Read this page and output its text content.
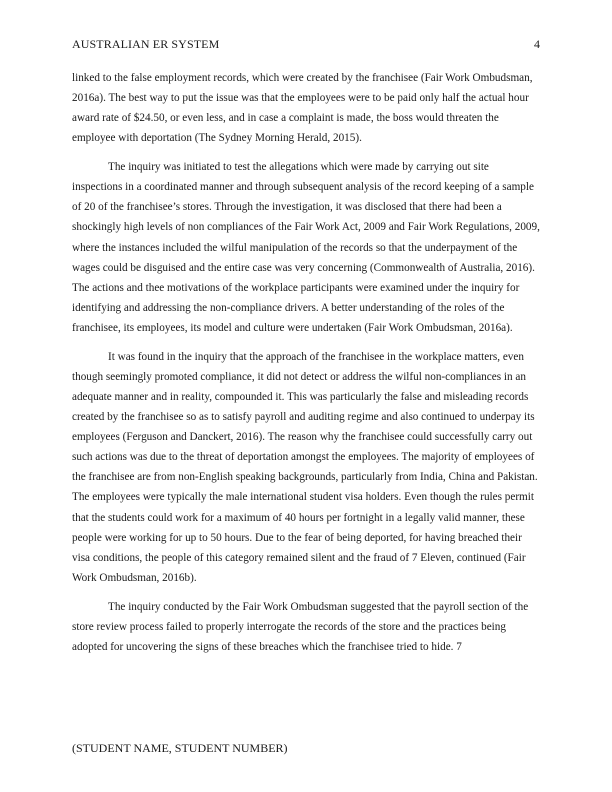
AUSTRALIAN ER SYSTEM	4

linked to the false employment records, which were created by the franchisee (Fair Work Ombudsman, 2016a). The best way to put the issue was that the employees were to be paid only half the actual hour award rate of $24.50, or even less, and in case a complaint is made, the boss would threaten the employee with deportation (The Sydney Morning Herald, 2015).

The inquiry was initiated to test the allegations which were made by carrying out site inspections in a coordinated manner and through subsequent analysis of the record keeping of a sample of 20 of the franchisee’s stores. Through the investigation, it was disclosed that there had been a shockingly high levels of non compliances of the Fair Work Act, 2009 and Fair Work Regulations, 2009, where the instances included the wilful manipulation of the records so that the underpayment of the wages could be disguised and the entire case was very concerning (Commonwealth of Australia, 2016). The actions and thee motivations of the workplace participants were examined under the inquiry for identifying and addressing the non-compliance drivers. A better understanding of the roles of the franchisee, its employees, its model and culture were undertaken (Fair Work Ombudsman, 2016a).

It was found in the inquiry that the approach of the franchisee in the workplace matters, even though seemingly promoted compliance, it did not detect or address the wilful non-compliances in an adequate manner and in reality, compounded it. This was particularly the false and misleading records created by the franchisee so as to satisfy payroll and auditing regime and also continued to underpay its employees (Ferguson and Danckert, 2016). The reason why the franchisee could successfully carry out such actions was due to the threat of deportation amongst the employees. The majority of employees of the franchisee are from non-English speaking backgrounds, particularly from India, China and Pakistan. The employees were typically the male international student visa holders. Even though the rules permit that the students could work for a maximum of 40 hours per fortnight in a legally valid manner, these people were working for up to 50 hours. Due to the fear of being deported, for having breached their visa conditions, the people of this category remained silent and the fraud of 7 Eleven, continued (Fair Work Ombudsman, 2016b).

The inquiry conducted by the Fair Work Ombudsman suggested that the payroll section of the store review process failed to properly interrogate the records of the store and the practices being adopted for uncovering the signs of these breaches which the franchisee tried to hide. 7

(STUDENT NAME, STUDENT NUMBER)
